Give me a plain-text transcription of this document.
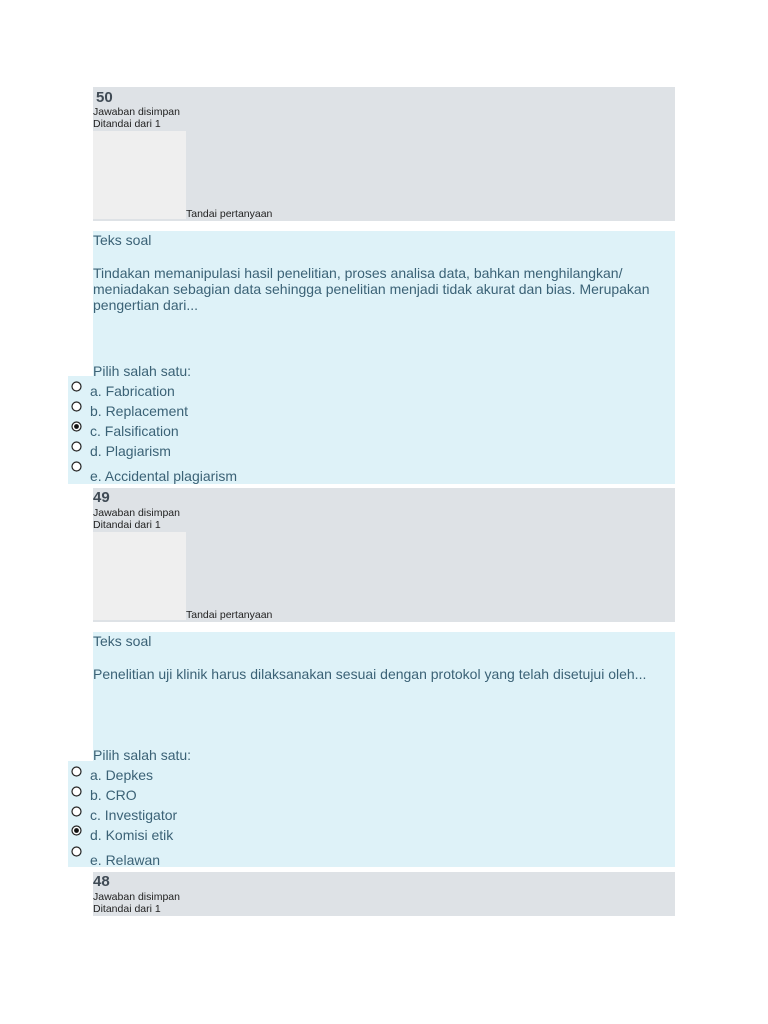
50
Jawaban disimpan
Ditandai dari 1
Tandai pertanyaan
Teks soal
Tindakan memanipulasi hasil penelitian, proses analisa data, bahkan menghilangkan/ meniadakan sebagian data sehingga penelitian menjadi tidak akurat dan bias. Merupakan pengertian dari...
Pilih salah satu:
a. Fabrication
b. Replacement
c. Falsification
d. Plagiarism
e. Accidental plagiarism
49
Jawaban disimpan
Ditandai dari 1
Tandai pertanyaan
Teks soal
Penelitian uji klinik harus dilaksanakan sesuai dengan protokol yang telah disetujui oleh...
Pilih salah satu:
a. Depkes
b. CRO
c. Investigator
d. Komisi etik
e. Relawan
48
Jawaban disimpan
Ditandai dari 1
